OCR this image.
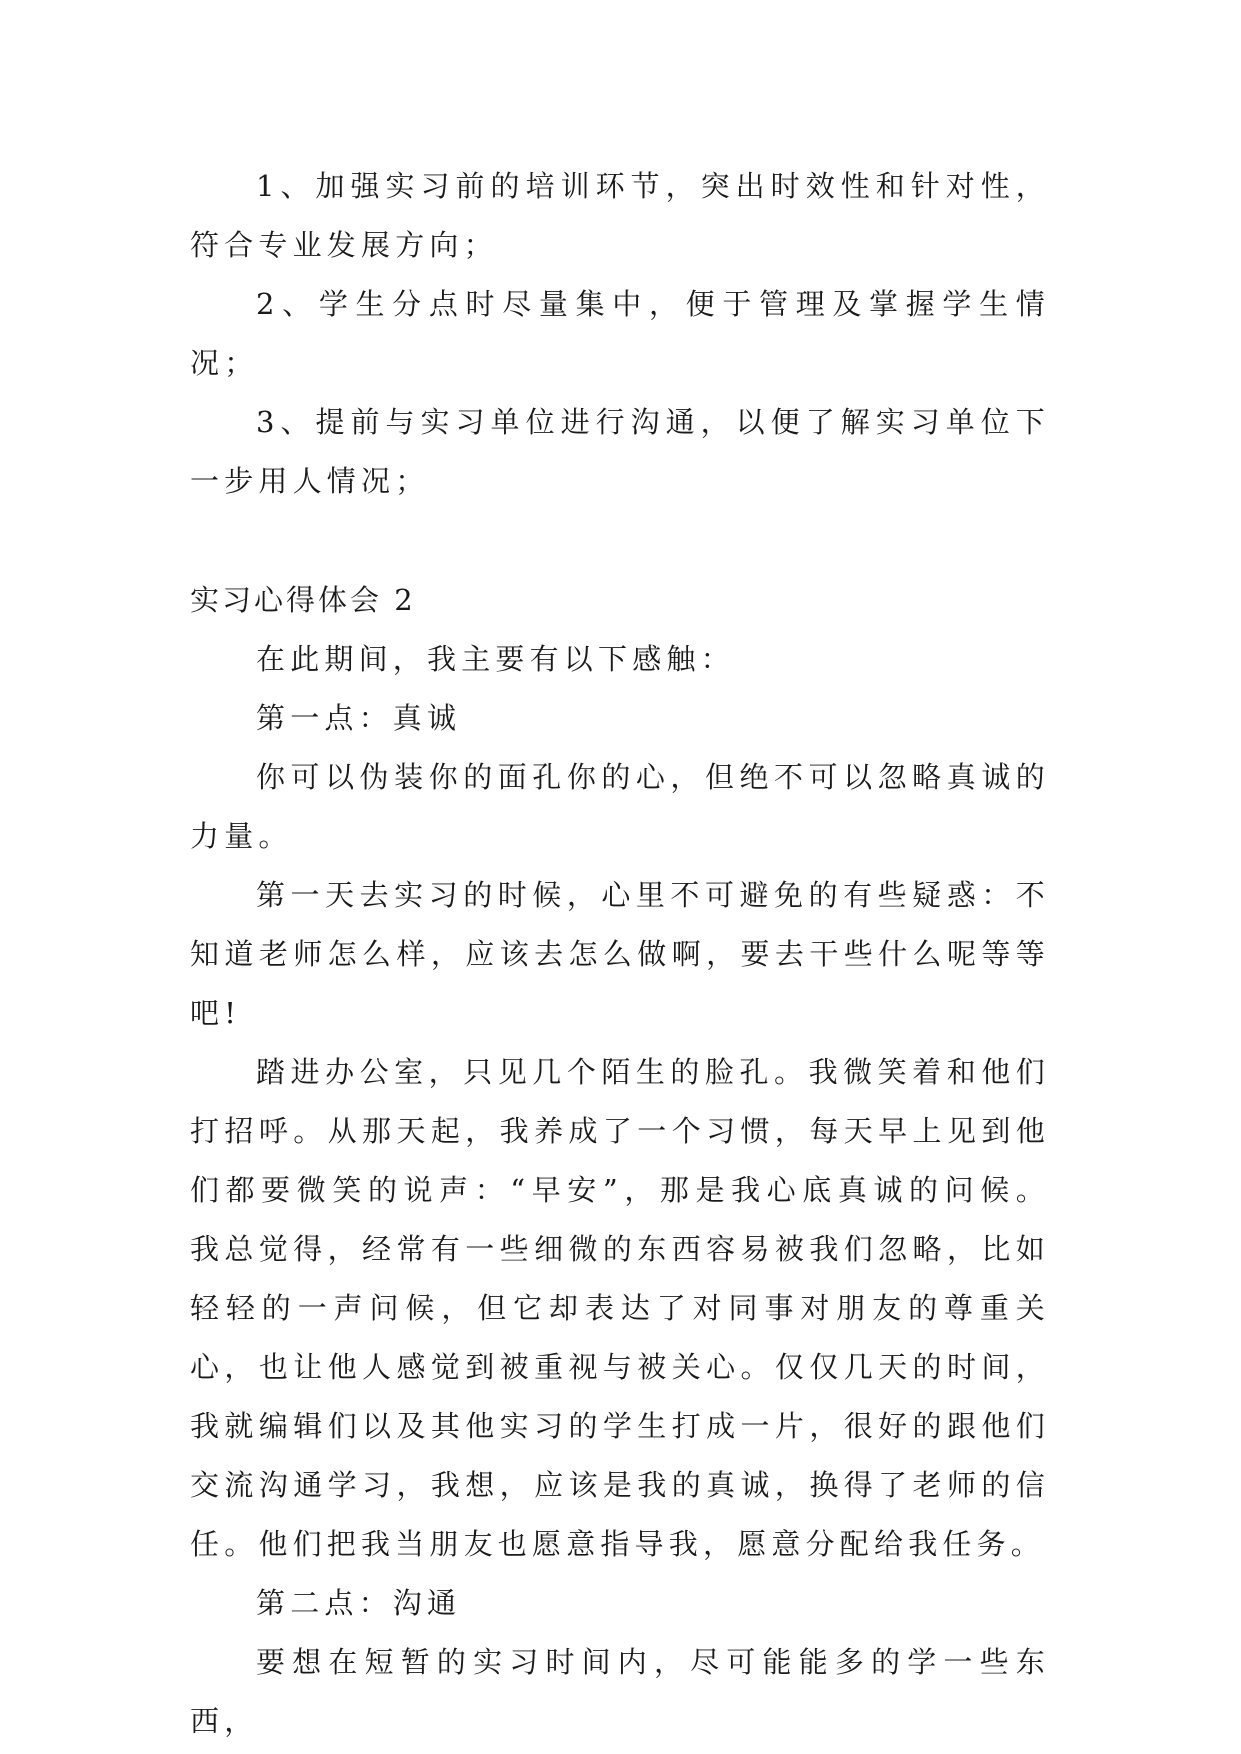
1、加强实习前的培训环节，突出时效性和针对性，符合专业发展方向；

2、学生分点时尽量集中，便于管理及掌握学生情况；

3、提前与实习单位进行沟通，以便了解实习单位下一步用人情况；

实习心得体会 2

在此期间，我主要有以下感触：

第一点：真诚

你可以伪装你的面孔你的心，但绝不可以忽略真诚的力量。

第一天去实习的时候，心里不可避免的有些疑惑：不知道老师怎么样，应该去怎么做啊，要去干些什么呢等等吧!

踏进办公室，只见几个陌生的脸孔。我微笑着和他们打招呼。从那天起，我养成了一个习惯，每天早上见到他们都要微笑的说声：“早安”，那是我心底真诚的问候。我总觉得，经常有一些细微的东西容易被我们忽略，比如轻轻的一声问候，但它却表达了对同事对朋友的尊重关心，也让他人感觉到被重视与被关心。仅仅几天的时间，我就编辑们以及其他实习的学生打成一片，很好的跟他们交流沟通学习，我想，应该是我的真诚，换得了老师的信任。他们把我当朋友也愿意指导我，愿意分配给我任务。

第二点：沟通

要想在短暂的实习时间内，尽可能能多的学一些东西，
